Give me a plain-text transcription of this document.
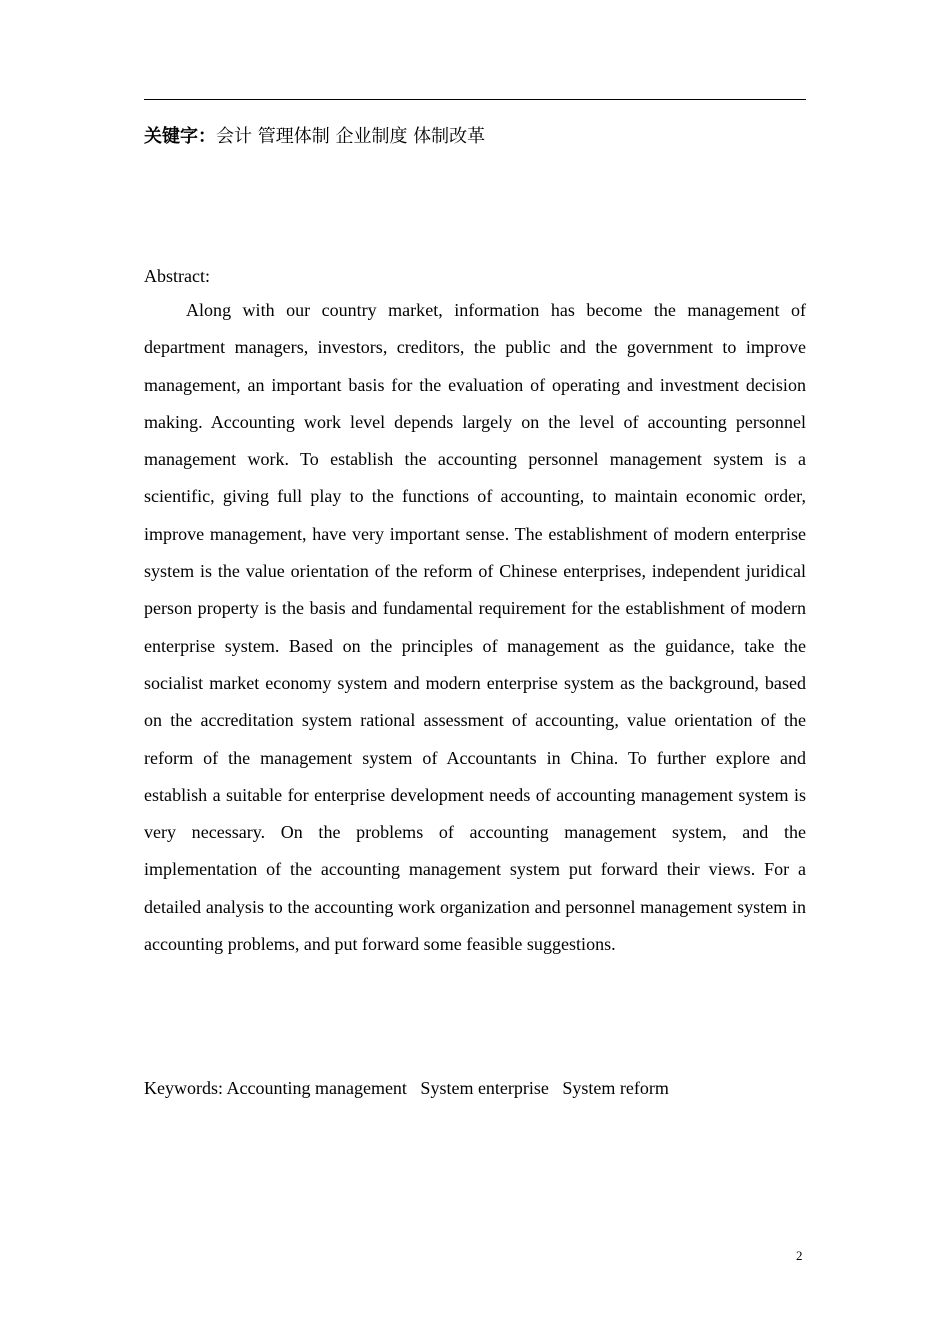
关键字：会计 管理体制 企业制度 体制改革
Abstract:

Along with our country market, information has become the management of department managers, investors, creditors, the public and the government to improve management, an important basis for the evaluation of operating and investment decision making. Accounting work level depends largely on the level of accounting personnel management work. To establish the accounting personnel management system is a scientific, giving full play to the functions of accounting, to maintain economic order, improve management, have very important sense. The establishment of modern enterprise system is the value orientation of the reform of Chinese enterprises, independent juridical person property is the basis and fundamental requirement for the establishment of modern enterprise system. Based on the principles of management as the guidance, take the socialist market economy system and modern enterprise system as the background, based on the accreditation system rational assessment of accounting, value orientation of the reform of the management system of Accountants in China. To further explore and establish a suitable for enterprise development needs of accounting management system is very necessary. On the problems of accounting management system, and the implementation of the accounting management system put forward their views. For a detailed analysis to the accounting work organization and personnel management system in accounting problems, and put forward some feasible suggestions.

Keywords: Accounting management   System enterprise   System reform
2
